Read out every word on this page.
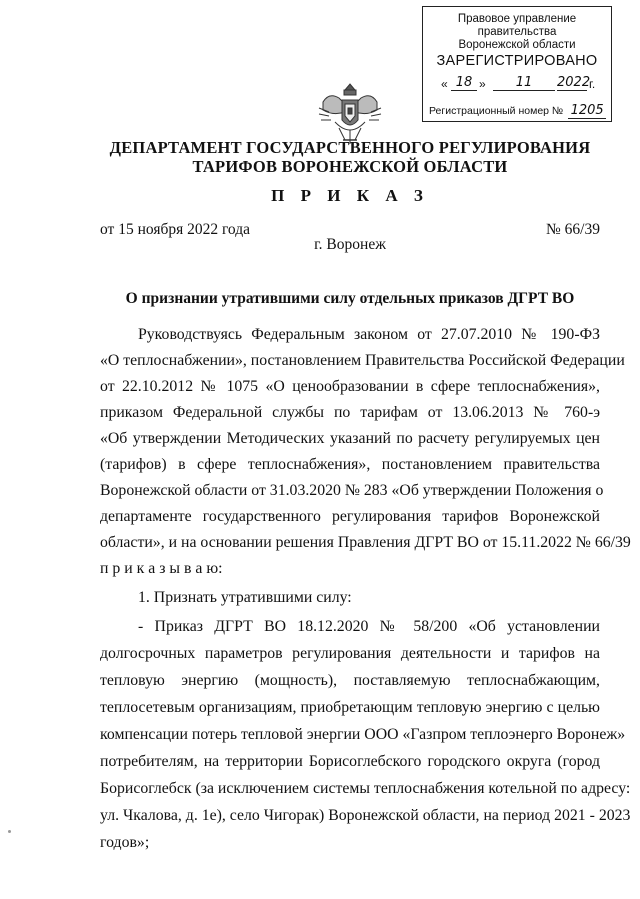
Правовое управление правительства
Воронежской области
ЗАРЕГИСТРИРОВАНО
« 18 »	11	2022
г.
Регистрационный номер № 1205
ДЕПАРТАМЕНТ ГОСУДАРСТВЕННОГО РЕГУЛИРОВАНИЯ
ТАРИФОВ ВОРОНЕЖСКОЙ ОБЛАСТИ
П Р И К А З
от 15 ноября 2022 года	№ 66/39
г. Воронеж
О признании утратившими силу отдельных приказов ДГРТ ВО
Руководствуясь Федеральным законом от 27.07.2010 № 190-ФЗ
«О теплоснабжении», постановлением Правительства Российской Федерации
от 22.10.2012 № 1075 «О ценообразовании в сфере теплоснабжения»,
приказом Федеральной службы по тарифам от 13.06.2013 № 760-э
«Об утверждении Методических указаний по расчету регулируемых цен
(тарифов) в сфере теплоснабжения», постановлением правительства
Воронежской области от 31.03.2020 № 283 «Об утверждении Положения о
департаменте государственного регулирования тарифов Воронежской
области», и на основании решения Правления ДГРТ ВО от 15.11.2022 № 66/39
п р и к а з ы в а ю:
1. Признать утратившими силу:
- Приказ ДГРТ ВО 18.12.2020 № 58/200 «Об установлении
долгосрочных параметров регулирования деятельности и тарифов на
тепловую энергию (мощность), поставляемую теплоснабжающим,
теплосетевым организациям, приобретающим тепловую энергию с целью
компенсации потерь тепловой энергии ООО «Газпром теплоэнерго Воронеж»
потребителям, на территории Борисоглебского городского округа (город
Борисоглебск (за исключением системы теплоснабжения котельной по адресу:
ул. Чкалова, д. 1е), село Чигорак) Воронежской области, на период 2021 - 2023
годов»;
